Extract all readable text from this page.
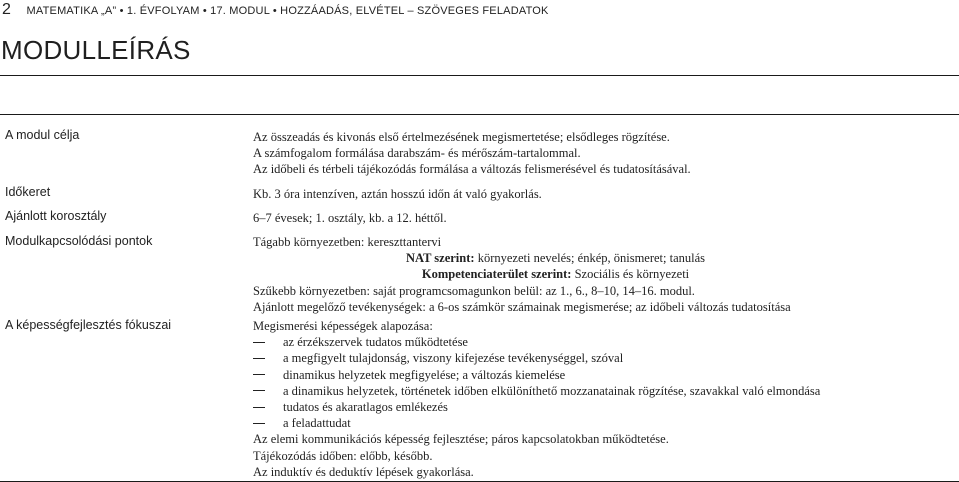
2 MATEMATIKA „A” • 1. ÉVFOLYAM • 17. MODUL • HOZZÁADÁS, ELVÉTEL – SZÖVEGES FELADATOK
MODULLEÍRÁS
A modul célja	Az összeadás és kivonás első értelmezésének megismertetése; elsődleges rögzítése.
A számfogalom formálása darabszám- és mérőszám-tartalommal.
Az időbeli és térbeli tájékozódás formálása a változás felismerésével és tudatosításával.
Időkeret	Kb. 3 óra intenzíven, aztán hosszú időn át való gyakorlás.
Ajánlott korosztály	6–7 évesek; 1. osztály, kb. a 12. héttől.
Modulkapcsolódási pontok	Tágabb környezetben: kereszttantervi
NAT szerint: környezeti nevelés; énkép, önismeret; tanulás
Kompetenciaterület szerint: Szociális és környezeti
Szűkebb környezetben: saját programcsomagunkon belül: az 1., 6., 8–10, 14–16. modul.
Ajánlott megelőző tevékenységek: a 6-os számkör számainak megismerése; az időbeli változás tudatosítása
A képességfejlesztés fókuszai	Megismerési képességek alapozása:
az érzékszervek tudatos működtetése
a megfigyelt tulajdonság, viszony kifejezése tevékenységgel, szóval
dinamikus helyzetek megfigyelése; a változás kiemelése
a dinamikus helyzetek, történetek időben elkülöníthető mozzanatainak rögzítése, szavakkal való elmondása
tudatos és akaratlagos emlékezés
a feladattudat
Az elemi kommunikációs képesség fejlesztése; páros kapcsolatokban működtetése.
Tájékozódás időben: előbb, később.
Az induktív és deduktív lépések gyakorlása.
